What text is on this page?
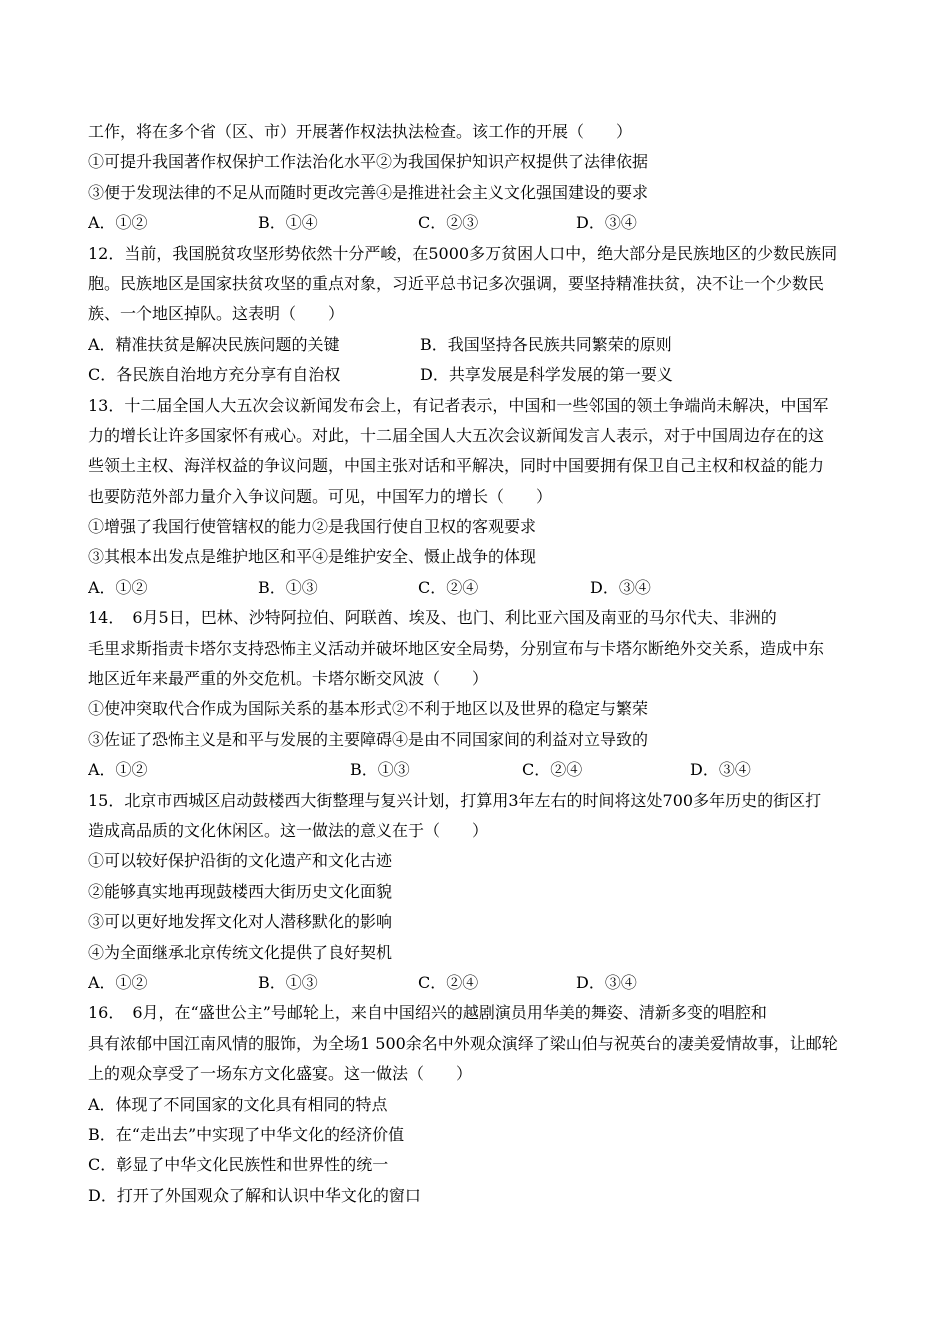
工作，将在多个省（区、市）开展著作权法执法检查。该工作的开展（　　）
①可提升我国著作权保护工作法治化水平②为我国保护知识产权提供了法律依据
③便于发现法律的不足从而随时更改完善④是推进社会主义文化强国建设的要求
A．①②	B．①④	C．②③	D．③④
12．当前，我国脱贫攻坚形势依然十分严峻，在5000多万贫困人口中，绝大部分是民族地区的少数民族同
胞。民族地区是国家扶贫攻坚的重点对象，习近平总书记多次强调，要坚持精准扶贫，决不让一个少数民
族、一个地区掉队。这表明（　　）
A．精准扶贫是解决民族问题的关键	B．我国坚持各民族共同繁荣的原则
C．各民族自治地方充分享有自治权	D．共享发展是科学发展的第一要义
13．十二届全国人大五次会议新闻发布会上，有记者表示，中国和一些邻国的领土争端尚未解决，中国军
力的增长让许多国家怀有戒心。对此，十二届全国人大五次会议新闻发言人表示，对于中国周边存在的这
些领土主权、海洋权益的争议问题，中国主张对话和平解决，同时中国要拥有保卫自己主权和权益的能力
也要防范外部力量介入争议问题。可见，中国军力的增长（　　）
①增强了我国行使管辖权的能力②是我国行使自卫权的客观要求
③其根本出发点是维护地区和平④是维护安全、慑止战争的体现
A．①②	B．①③	C．②④	D．③④
14．　6月5日，巴林、沙特阿拉伯、阿联酋、埃及、也门、利比亚六国及南亚的马尔代夫、非洲的
毛里求斯指责卡塔尔支持恐怖主义活动并破坏地区安全局势，分别宣布与卡塔尔断绝外交关系，造成中东
地区近年来最严重的外交危机。卡塔尔断交风波（　　）
①使冲突取代合作成为国际关系的基本形式②不利于地区以及世界的稳定与繁荣
③佐证了恐怖主义是和平与发展的主要障碍④是由不同国家间的利益对立导致的
A．①②	B．①③	C．②④	D．③④
15．北京市西城区启动鼓楼西大街整理与复兴计划，打算用3年左右的时间将这处700多年历史的街区打
造成高品质的文化休闲区。这一做法的意义在于（　　）
①可以较好保护沿街的文化遗产和文化古迹
②能够真实地再现鼓楼西大街历史文化面貌
③可以更好地发挥文化对人潜移默化的影响
④为全面继承北京传统文化提供了良好契机
A．①②	B．①③	C．②④	D．③④
16．　6月，在“盛世公主”号邮轮上，来自中国绍兴的越剧演员用华美的舞姿、清新多变的唱腔和
具有浓郁中国江南风情的服饰，为全场1 500余名中外观众演绎了梁山伯与祝英台的凄美爱情故事，让邮轮
上的观众享受了一场东方文化盛宴。这一做法（　　）
A．体现了不同国家的文化具有相同的特点
B．在“走出去”中实现了中华文化的经济价值
C．彰显了中华文化民族性和世界性的统一
D．打开了外国观众了解和认识中华文化的窗口
